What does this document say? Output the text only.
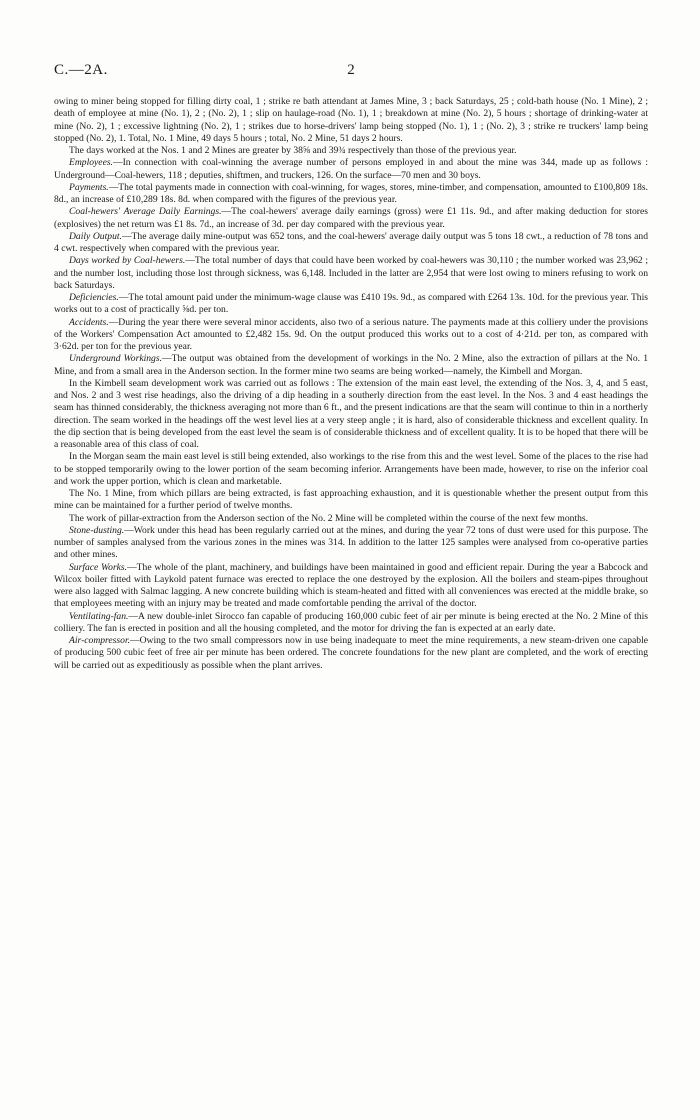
C.—2A.	2

owing to miner being stopped for filling dirty coal, 1 ; strike re bath attendant at James Mine, 3 ; back Saturdays, 25 ; cold-bath house (No. 1 Mine), 2 ; death of employee at mine (No. 1), 2 ; (No. 2), 1 ; slip on haulage-road (No. 1), 1 ; breakdown at mine (No. 2), 5 hours ; shortage of drinking-water at mine (No. 2), 1 ; excessive lightning (No. 2), 1 ; strikes due to horse-drivers' lamp being stopped (No. 1), 1 ; (No. 2), 3 ; strike re truckers' lamp being stopped (No. 2), 1. Total, No. 1 Mine, 49 days 5 hours ; total, No. 2 Mine, 51 days 2 hours.

The days worked at the Nos. 1 and 2 Mines are greater by 38⅝ and 39¾ respectively than those of the previous year.

Employees.—In connection with coal-winning the average number of persons employed in and about the mine was 344, made up as follows : Underground—Coal-hewers, 118 ; deputies, shiftmen, and truckers, 126. On the surface—70 men and 30 boys.

Payments.—The total payments made in connection with coal-winning, for wages, stores, mine-timber, and compensation, amounted to £100,809 18s. 8d., an increase of £10,289 18s. 8d. when compared with the figures of the previous year.

Coal-hewers' Average Daily Earnings.—The coal-hewers' average daily earnings (gross) were £1 11s. 9d., and after making deduction for stores (explosives) the net return was £1 8s. 7d., an increase of 3d. per day compared with the previous year.

Daily Output.—The average daily mine-output was 652 tons, and the coal-hewers' average daily output was 5 tons 18 cwt., a reduction of 78 tons and 4 cwt. respectively when compared with the previous year.

Days worked by Coal-hewers.—The total number of days that could have been worked by coal-hewers was 30,110 ; the number worked was 23,962 ; and the number lost, including those lost through sickness, was 6,148. Included in the latter are 2,954 that were lost owing to miners refusing to work on back Saturdays.

Deficiencies.—The total amount paid under the minimum-wage clause was £410 19s. 9d., as compared with £264 13s. 10d. for the previous year. This works out to a cost of practically ⅝d. per ton.

Accidents.—During the year there were several minor accidents, also two of a serious nature. The payments made at this colliery under the provisions of the Workers' Compensation Act amounted to £2,482 15s. 9d. On the output produced this works out to a cost of 4·21d. per ton, as compared with 3·62d. per ton for the previous year.

Underground Workings.—The output was obtained from the development of workings in the No. 2 Mine, also the extraction of pillars at the No. 1 Mine, and from a small area in the Anderson section. In the former mine two seams are being worked—namely, the Kimbell and Morgan.

In the Kimbell seam development work was carried out as follows : The extension of the main east level, the extending of the Nos. 3, 4, and 5 east, and Nos. 2 and 3 west rise headings, also the driving of a dip heading in a southerly direction from the east level. In the Nos. 3 and 4 east headings the seam has thinned considerably, the thickness averaging not more than 6 ft., and the present indications are that the seam will continue to thin in a northerly direction. The seam worked in the headings off the west level lies at a very steep angle ; it is hard, also of considerable thickness and excellent quality. In the dip section that is being developed from the east level the seam is of considerable thickness and of excellent quality. It is to be hoped that there will be a reasonable area of this class of coal.

In the Morgan seam the main east level is still being extended, also workings to the rise from this and the west level. Some of the places to the rise had to be stopped temporarily owing to the lower portion of the seam becoming inferior. Arrangements have been made, however, to rise on the inferior coal and work the upper portion, which is clean and marketable.

The No. 1 Mine, from which pillars are being extracted, is fast approaching exhaustion, and it is questionable whether the present output from this mine can be maintained for a further period of twelve months.

The work of pillar-extraction from the Anderson section of the No. 2 Mine will be completed within the course of the next few months.

Stone-dusting.—Work under this head has been regularly carried out at the mines, and during the year 72 tons of dust were used for this purpose. The number of samples analysed from the various zones in the mines was 314. In addition to the latter 125 samples were analysed from co-operative parties and other mines.

Surface Works.—The whole of the plant, machinery, and buildings have been maintained in good and efficient repair. During the year a Babcock and Wilcox boiler fitted with Laykold patent furnace was erected to replace the one destroyed by the explosion. All the boilers and steam-pipes throughout were also lagged with Salmac lagging. A new concrete building which is steam-heated and fitted with all conveniences was erected at the middle brake, so that employees meeting with an injury may be treated and made comfortable pending the arrival of the doctor.

Ventilating-fan.—A new double-inlet Sirocco fan capable of producing 160,000 cubic feet of air per minute is being erected at the No. 2 Mine of this colliery. The fan is erected in position and all the housing completed, and the motor for driving the fan is expected at an early date.

Air-compressor.—Owing to the two small compressors now in use being inadequate to meet the mine requirements, a new steam-driven one capable of producing 500 cubic feet of free air per minute has been ordered. The concrete foundations for the new plant are completed, and the work of erecting will be carried out as expeditiously as possible when the plant arrives.
